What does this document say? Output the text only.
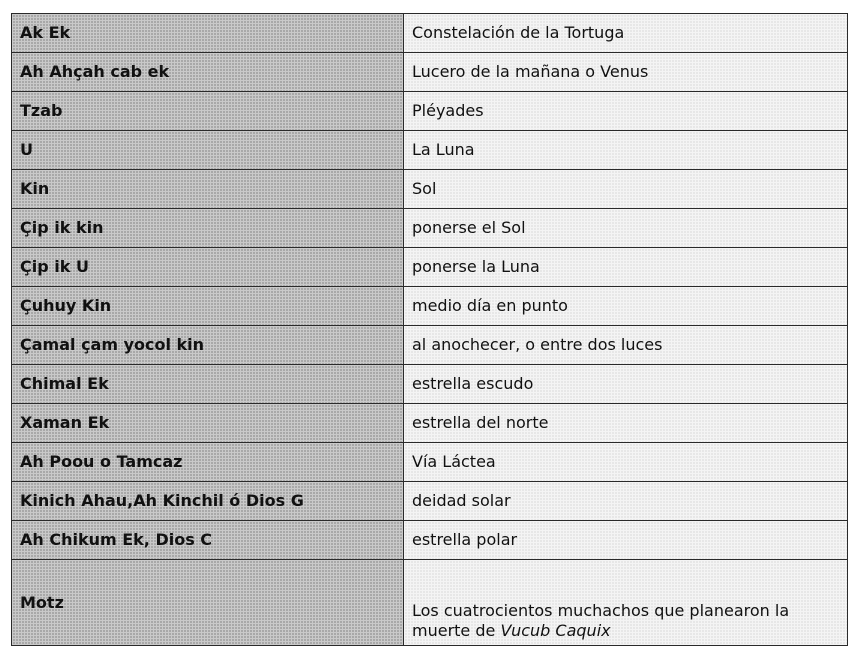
Ak Ek	Constelación de la Tortuga
Ah Ahçah cab ek	Lucero de la mañana o Venus
Tzab	Pléyades
U	La Luna
Kin	Sol
Çip ik kin	ponerse el Sol
Çip ik U	ponerse la Luna
Çuhuy Kin	medio día en punto
Çamal çam yocol kin	al anochecer, o entre dos luces
Chimal Ek	estrella escudo
Xaman Ek	estrella del norte
Ah Poou o Tamcaz	Vía Láctea
Kinich Ahau,Ah Kinchil ó Dios G	deidad solar
Ah Chikum Ek, Dios C	estrella polar
Motz	Los cuatrocientos muchachos que planearon la muerte de Vucub Caquix
